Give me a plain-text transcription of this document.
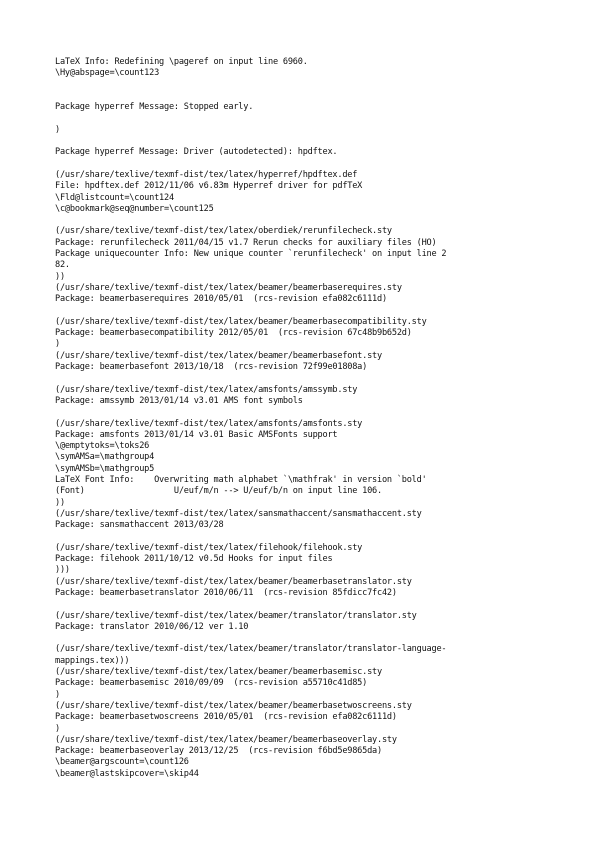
LaTeX Info: Redefining \pageref on input line 6960.
\Hy@abspage=\count123

Package hyperref Message: Stopped early.

)

Package hyperref Message: Driver (autodetected): hpdftex.

(/usr/share/texlive/texmf-dist/tex/latex/hyperref/hpdftex.def
File: hpdftex.def 2012/11/06 v6.83m Hyperref driver for pdfTeX
\Fld@listcount=\count124
\c@bookmark@seq@number=\count125

(/usr/share/texlive/texmf-dist/tex/latex/oberdiek/rerunfilecheck.sty
Package: rerunfilecheck 2011/04/15 v1.7 Rerun checks for auxiliary files (HO)
Package uniquecounter Info: New unique counter `rerunfilecheck' on input line 2
82.
))
(/usr/share/texlive/texmf-dist/tex/latex/beamer/beamerbaserequires.sty
Package: beamerbaserequires 2010/05/01  (rcs-revision efa082c6111d)

(/usr/share/texlive/texmf-dist/tex/latex/beamer/beamerbasecompatibility.sty
Package: beamerbasecompatibility 2012/05/01  (rcs-revision 67c48b9b652d)
)
(/usr/share/texlive/texmf-dist/tex/latex/beamer/beamerbasefont.sty
Package: beamerbasefont 2013/10/18  (rcs-revision 72f99e01808a)

(/usr/share/texlive/texmf-dist/tex/latex/amsfonts/amssymb.sty
Package: amssymb 2013/01/14 v3.01 AMS font symbols

(/usr/share/texlive/texmf-dist/tex/latex/amsfonts/amsfonts.sty
Package: amsfonts 2013/01/14 v3.01 Basic AMSFonts support
\@emptytoks=\toks26
\symAMSa=\mathgroup4
\symAMSb=\mathgroup5
LaTeX Font Info:    Overwriting math alphabet `\mathfrak' in version `bold'
(Font)                  U/euf/m/n --> U/euf/b/n on input line 106.
))
(/usr/share/texlive/texmf-dist/tex/latex/sansmathaccent/sansmathaccent.sty
Package: sansmathaccent 2013/03/28

(/usr/share/texlive/texmf-dist/tex/latex/filehook/filehook.sty
Package: filehook 2011/10/12 v0.5d Hooks for input files
)))
(/usr/share/texlive/texmf-dist/tex/latex/beamer/beamerbasetranslator.sty
Package: beamerbasetranslator 2010/06/11  (rcs-revision 85fdicc7fc42)

(/usr/share/texlive/texmf-dist/tex/latex/beamer/translator/translator.sty
Package: translator 2010/06/12 ver 1.10

(/usr/share/texlive/texmf-dist/tex/latex/beamer/translator/translator-language-
mappings.tex)))
(/usr/share/texlive/texmf-dist/tex/latex/beamer/beamerbasemisc.sty
Package: beamerbasemisc 2010/09/09  (rcs-revision a55710c41d85)
)
(/usr/share/texlive/texmf-dist/tex/latex/beamer/beamerbasetwoscreens.sty
Package: beamerbasetwoscreens 2010/05/01  (rcs-revision efa082c6111d)
)
(/usr/share/texlive/texmf-dist/tex/latex/beamer/beamerbaseoverlay.sty
Package: beamerbaseoverlay 2013/12/25  (rcs-revision f6bd5e9865da)
\beamer@argscount=\count126
\beamer@lastskipcover=\skip44
